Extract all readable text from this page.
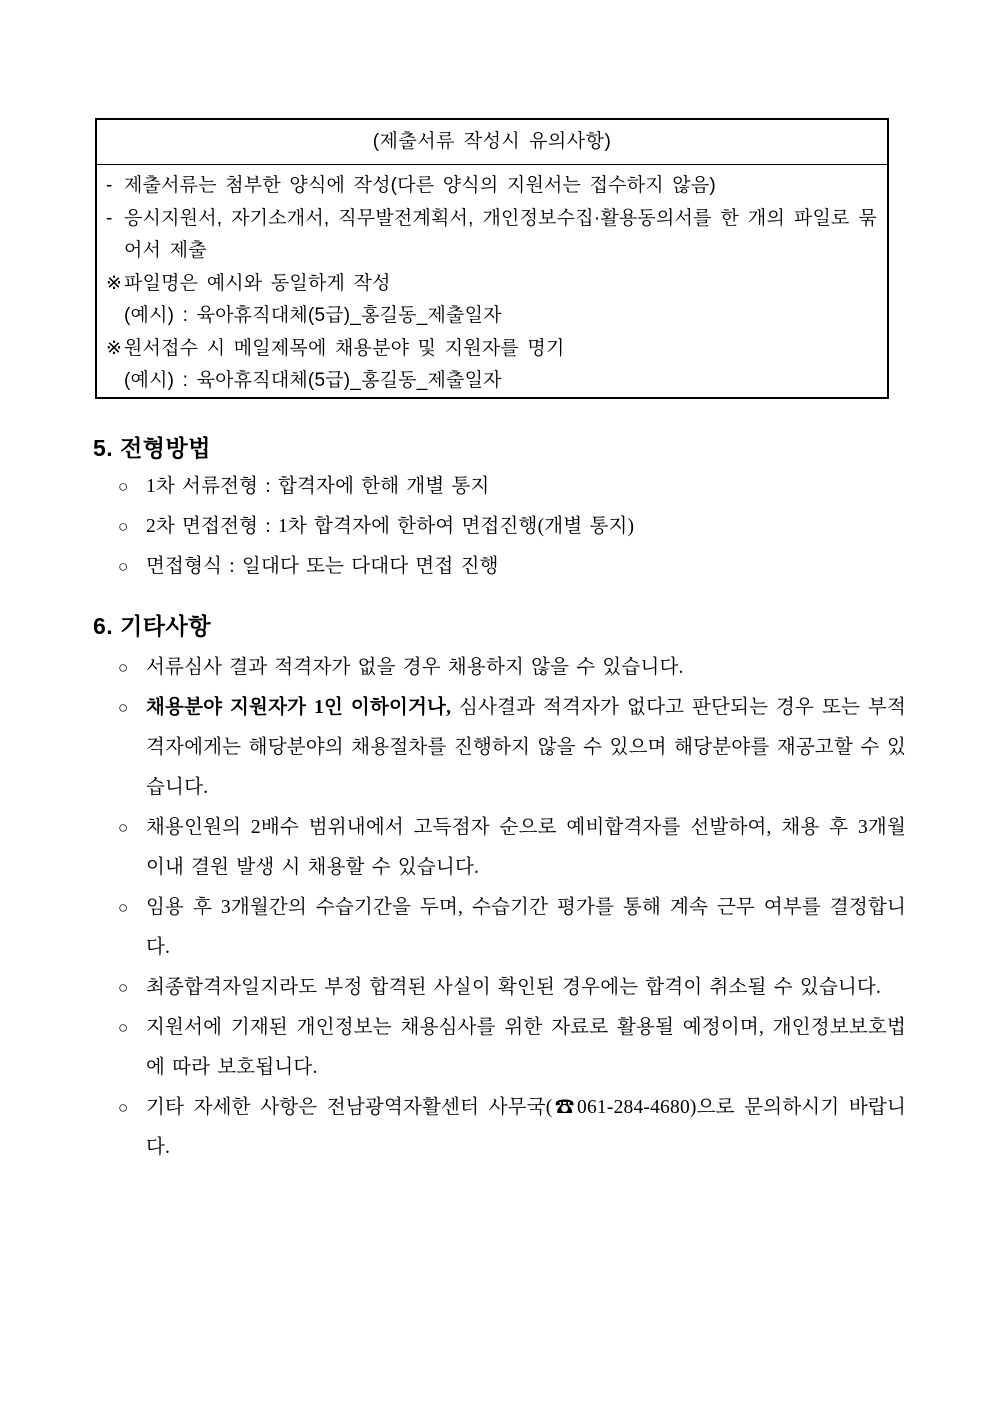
(제출서류 작성시 유의사항)
- 제출서류는 첨부한 양식에 작성(다른 양식의 지원서는 접수하지 않음)
- 응시지원서, 자기소개서, 직무발전계획서, 개인정보수집·활용동의서를 한 개의 파일로 묶어서 제출
※ 파일명은 예시와 동일하게 작성
(예시) : 육아휴직대체(5급)_홍길동_제출일자
※ 원서접수 시 메일제목에 채용분야 및 지원자를 명기
(예시) : 육아휴직대체(5급)_홍길동_제출일자
5. 전형방법
○ 1차 서류전형 : 합격자에 한해 개별 통지
○ 2차 면접전형 : 1차 합격자에 한하여 면접진행(개별 통지)
○ 면접형식 : 일대다 또는 다대다 면접 진행
6. 기타사항
○ 서류심사 결과 적격자가 없을 경우 채용하지 않을 수 있습니다.
○ 채용분야 지원자가 1인 이하이거나, 심사결과 적격자가 없다고 판단되는 경우 또는 부적격자에게는 해당분야의 채용절차를 진행하지 않을 수 있으며 해당분야를 재공고할 수 있습니다.
○ 채용인원의 2배수 범위내에서 고득점자 순으로 예비합격자를 선발하여, 채용 후 3개월 이내 결원 발생 시 채용할 수 있습니다.
○ 임용 후 3개월간의 수습기간을 두며, 수습기간 평가를 통해 계속 근무 여부를 결정합니다.
○ 최종합격자일지라도 부정 합격된 사실이 확인된 경우에는 합격이 취소될 수 있습니다.
○ 지원서에 기재된 개인정보는 채용심사를 위한 자료로 활용될 예정이며, 개인정보보호법에 따라 보호됩니다.
○ 기타 자세한 사항은 전남광역자활센터 사무국(☎061-284-4680)으로 문의하시기 바랍니다.
